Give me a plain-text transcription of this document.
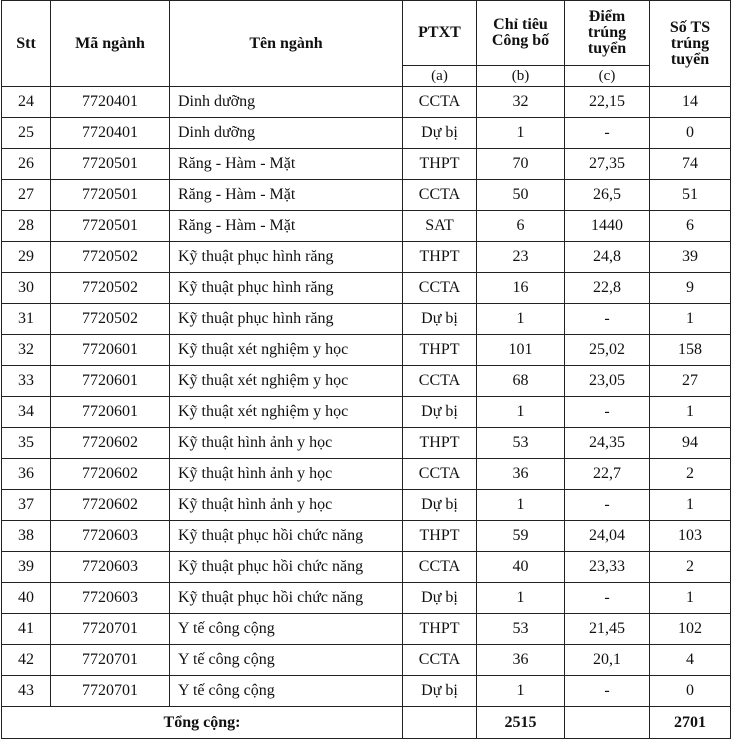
Stt	Mã ngành	Tên ngành	PTXT	Chỉ tiêu Công bố	Điểm trúng tuyển	Số TS trúng tuyển
			(a)	(b)	(c)	
24	7720401	Dinh dưỡng	CCTA	32	22,15	14
25	7720401	Dinh dưỡng	Dự bị	1	-	0
26	7720501	Răng - Hàm - Mặt	THPT	70	27,35	74
27	7720501	Răng - Hàm - Mặt	CCTA	50	26,5	51
28	7720501	Răng - Hàm - Mặt	SAT	6	1440	6
29	7720502	Kỹ thuật phục hình răng	THPT	23	24,8	39
30	7720502	Kỹ thuật phục hình răng	CCTA	16	22,8	9
31	7720502	Kỹ thuật phục hình răng	Dự bị	1	-	1
32	7720601	Kỹ thuật xét nghiệm y học	THPT	101	25,02	158
33	7720601	Kỹ thuật xét nghiệm y học	CCTA	68	23,05	27
34	7720601	Kỹ thuật xét nghiệm y học	Dự bị	1	-	1
35	7720602	Kỹ thuật hình ảnh y học	THPT	53	24,35	94
36	7720602	Kỹ thuật hình ảnh y học	CCTA	36	22,7	2
37	7720602	Kỹ thuật hình ảnh y học	Dự bị	1	-	1
38	7720603	Kỹ thuật phục hồi chức năng	THPT	59	24,04	103
39	7720603	Kỹ thuật phục hồi chức năng	CCTA	40	23,33	2
40	7720603	Kỹ thuật phục hồi chức năng	Dự bị	1	-	1
41	7720701	Y tế công cộng	THPT	53	21,45	102
42	7720701	Y tế công cộng	CCTA	36	20,1	4
43	7720701	Y tế công cộng	Dự bị	1	-	0
Tổng cộng:				2515		2701
